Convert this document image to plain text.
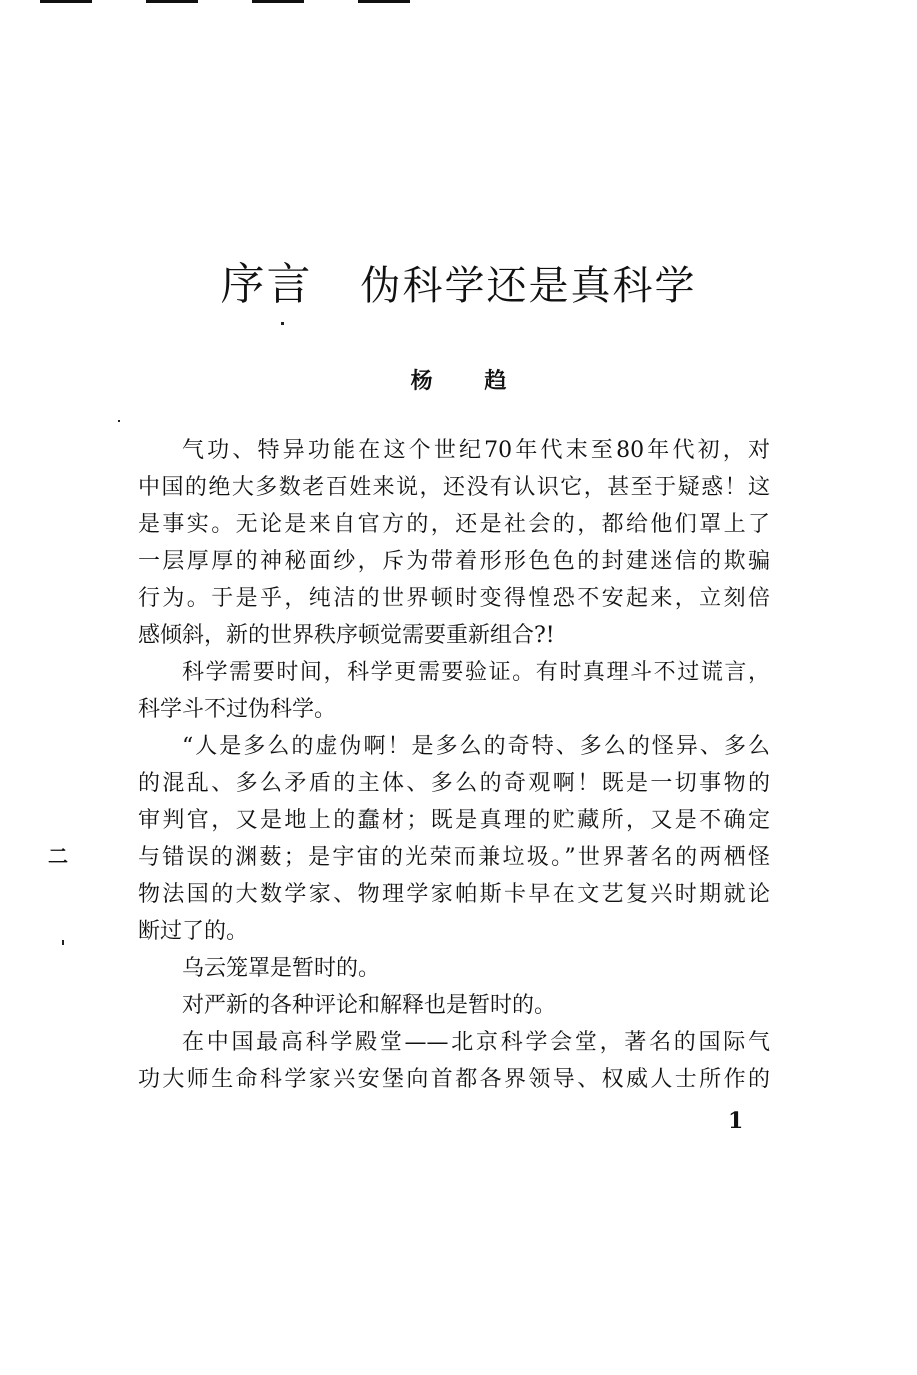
序言 伪科学还是真科学
杨 趋
二
气功、特异功能在这个世纪70年代末至80年代初，对
中国的绝大多数老百姓来说，还没有认识它，甚至于疑惑！这
是事实。无论是来自官方的，还是社会的，都给他们罩上了
一层厚厚的神秘面纱，斥为带着形形色色的封建迷信的欺骗
行为。于是乎，纯洁的世界顿时变得惶恐不安起来，立刻倍
感倾斜，新的世界秩序顿觉需要重新组合?!
科学需要时间，科学更需要验证。有时真理斗不过谎言，
科学斗不过伪科学。
“人是多么的虚伪啊！是多么的奇特、多么的怪异、多么
的混乱、多么矛盾的主体、多么的奇观啊！既是一切事物的
审判官，又是地上的蠢材；既是真理的贮藏所，又是不确定
与错误的渊薮；是宇宙的光荣而兼垃圾。”世界著名的两栖怪
物法国的大数学家、物理学家帕斯卡早在文艺复兴时期就论
断过了的。
乌云笼罩是暂时的。
对严新的各种评论和解释也是暂时的。
在中国最高科学殿堂——北京科学会堂，著名的国际气
功大师生命科学家兴安堡向首都各界领导、权威人士所作的
1
